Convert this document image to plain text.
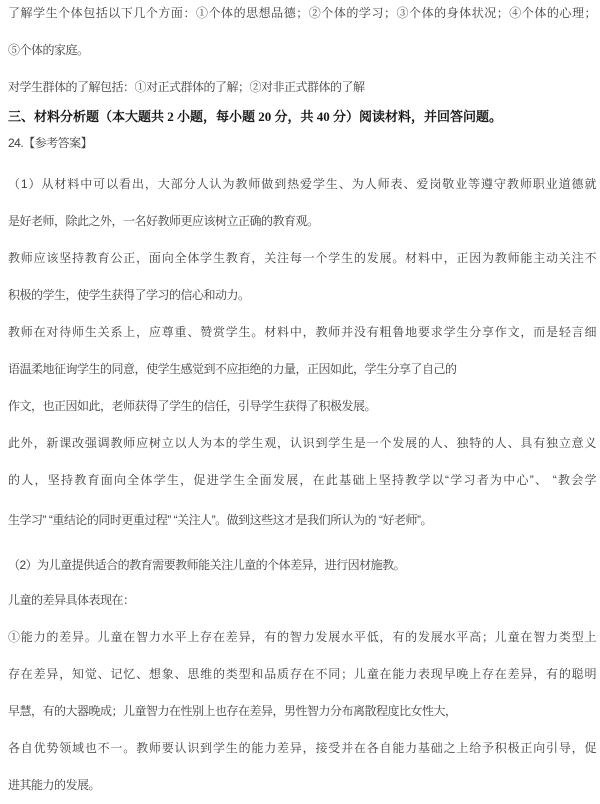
了解学生个体包括以下几个方面：①个体的思想品德；②个体的学习；③个体的身体状况；④个体的心理；
⑤个体的家庭。
对学生群体的了解包括：①对正式群体的了解；②对非正式群体的了解
三、材料分析题（本大题共 2 小题，每小题 20 分，共 40 分）阅读材料，并回答问题。
24.【参考答案】
（1）从材料中可以看出，大部分人认为教师做到热爱学生、为人师表、爱岗敬业等遵守教师职业道德就
是好老师，除此之外，一名好教师更应该树立正确的教育观。
教师应该坚持教育公正，面向全体学生教育，关注每一个学生的发展。材料中，正因为教师能主动关注不
积极的学生，使学生获得了学习的信心和动力。
教师在对待师生关系上，应尊重、赞赏学生。材料中，教师并没有粗鲁地要求学生分享作文，而是轻言细
语温柔地征询学生的同意，使学生感觉到不应拒绝的力量，正因如此，学生分享了自己的
作文，也正因如此，老师获得了学生的信任，引导学生获得了积极发展。
此外，新课改强调教师应树立以人为本的学生观，认识到学生是一个发展的人、独特的人、具有独立意义
的人，坚持教育面向全体学生，促进学生全面发展，在此基础上坚持教学以“学习者为中心”、 “教会学
生学习” “重结论的同时更重过程” “关注人”。做到这些这才是我们所认为的 “好老师”。
（2）为儿童提供适合的教育需要教师能关注儿童的个体差异，进行因材施教。
儿童的差异具体表现在：
①能力的差异。儿童在智力水平上存在差异，有的智力发展水平低，有的发展水平高；儿童在智力类型上
存在差异，知觉、记忆、想象、思维的类型和品质存在不同；儿童在能力表现早晚上存在差异，有的聪明
早慧，有的大器晚成；儿童智力在性别上也存在差异，男性智力分布离散程度比女性大，
各自优势领域也不一。教师要认识到学生的能力差异，接受并在各自能力基础之上给予积极正向引导，促
进其能力的发展。
